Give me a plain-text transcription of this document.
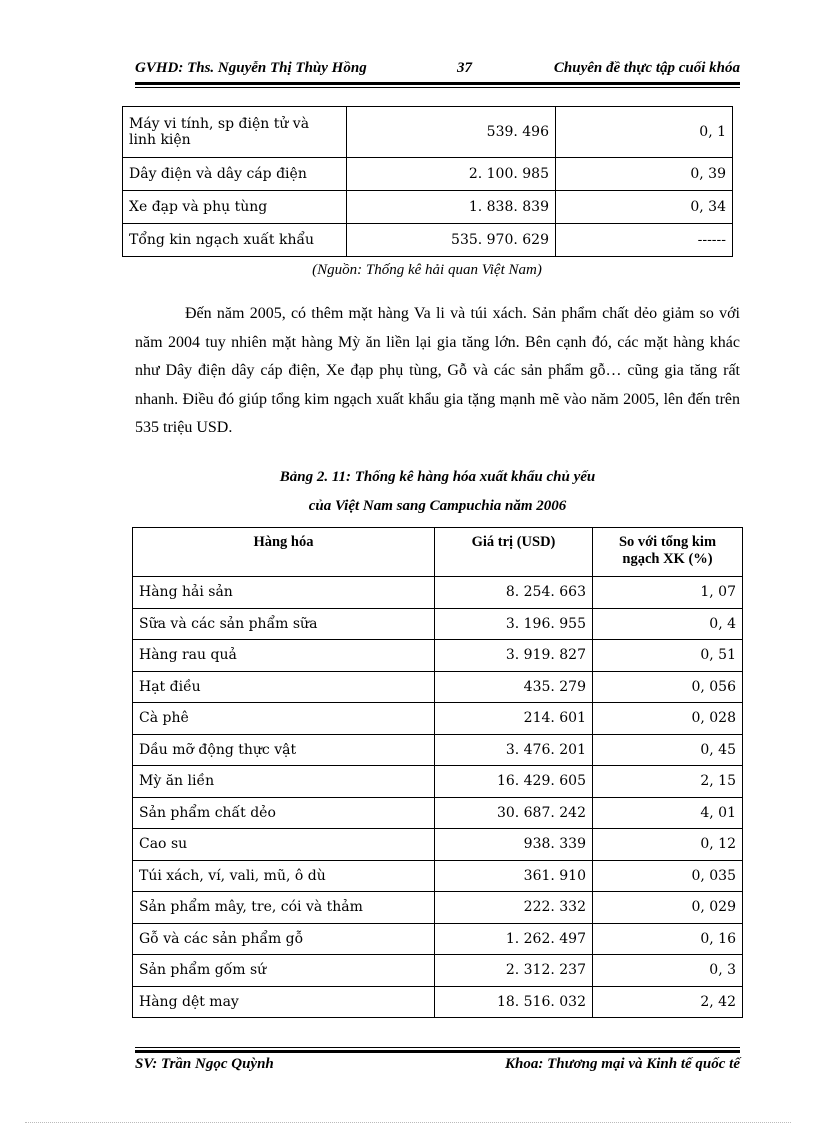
GVHD: Ths. Nguyễn Thị Thùy Hồng	37	Chuyên đề thực tập cuối khóa
Máy vi tính, sp điện tử và linh kiện	539. 496	0, 1
Dây điện và dây cáp điện	2. 100. 985	0, 39
Xe đạp và phụ tùng	1. 838. 839	0, 34
Tổng kin ngạch xuất khẩu	535. 970. 629	------
(Nguồn: Thống kê hải quan Việt Nam)

Đến năm 2005, có thêm mặt hàng Va li và túi xách. Sản phẩm chất dẻo giảm so với năm 2004 tuy nhiên mặt hàng Mỳ ăn liền lại gia tăng lớn. Bên cạnh đó, các mặt hàng khác như Dây điện dây cáp điện, Xe đạp phụ tùng, Gỗ và các sản phẩm gỗ… cũng gia tăng rất nhanh. Điều đó giúp tổng kim ngạch xuất khẩu gia tặng mạnh mẽ vào năm 2005, lên đến trên 535 triệu USD.

Bảng 2. 11: Thống kê hàng hóa xuất khẩu chủ yếu
của Việt Nam sang Campuchia năm 2006
Hàng hóa	Giá trị (USD)	So với tổng kim ngạch XK (%)
Hàng hải sản	8. 254. 663	1, 07
Sữa và các sản phẩm sữa	3. 196. 955	0, 4
Hàng rau quả	3. 919. 827	0, 51
Hạt điều	435. 279	0, 056
Cà phê	214. 601	0, 028
Dầu mỡ động thực vật	3. 476. 201	0, 45
Mỳ ăn liền	16. 429. 605	2, 15
Sản phẩm chất dẻo	30. 687. 242	4, 01
Cao su	938. 339	0, 12
Túi xách, ví, vali, mũ, ô dù	361. 910	0, 035
Sản phẩm mây, tre, cói và thảm	222. 332	0, 029
Gỗ và các sản phẩm gỗ	1. 262. 497	0, 16
Sản phẩm gốm sứ	2. 312. 237	0, 3
Hàng dệt may	18. 516. 032	2, 42
SV: Trần Ngọc Quỳnh	Khoa: Thương mại và Kinh tế quốc tế
